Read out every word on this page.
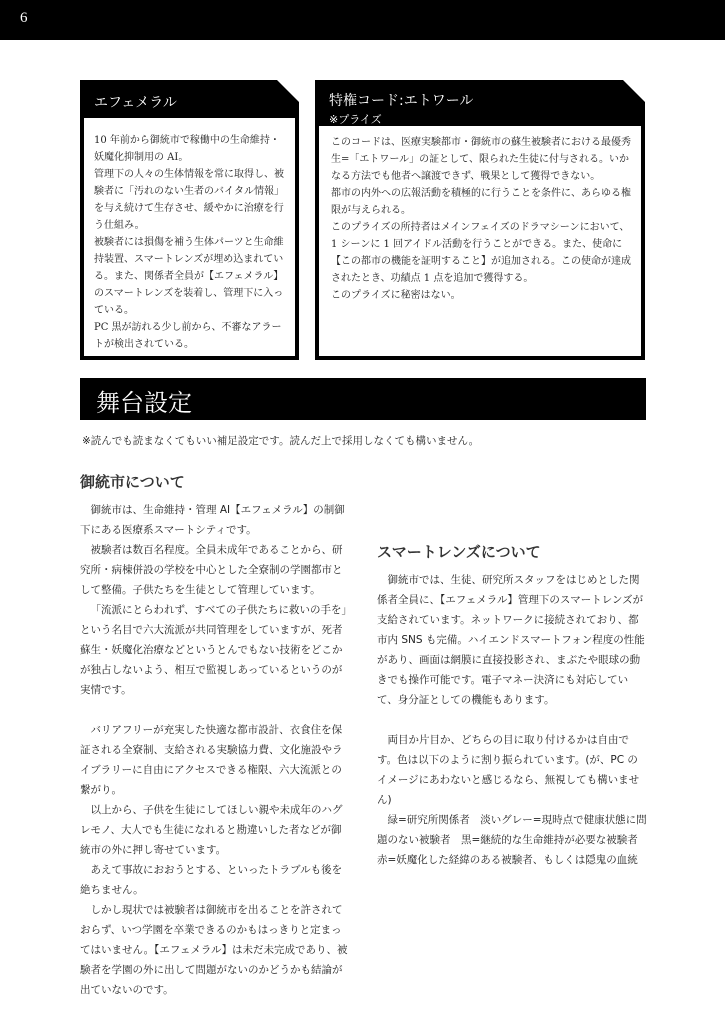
6
エフェメラル

10 年前から御統市で稼働中の生命維持・妖魔化抑制用の AI。

管理下の人々の生体情報を常に取得し、被験者に「汚れのない生者のバイタル情報」を与え続けて生存させ、緩やかに治療を行う仕組み。

被験者には損傷を補う生体パーツと生命維持装置、スマートレンズが埋め込まれている。また、関係者全員が【エフェメラル】のスマートレンズを装着し、管理下に入っている。

PC 黒が訪れる少し前から、不審なアラートが検出されている。

特権コード:エトワール
※プライズ

このコードは、医療実験都市・御統市の蘇生被験者における最優秀生=「エトワール」の証として、限られた生徒に付与される。いかなる方法でも他者へ譲渡できず、戦果として獲得できない。

都市の内外への広報活動を積極的に行うことを条件に、あらゆる権限が与えられる。

このプライズの所持者はメインフェイズのドラマシーンにおいて、1 シーンに 1 回アイドル活動を行うことができる。また、使命に【この都市の機能を証明すること】が追加される。この使命が達成されたとき、功績点 1 点を追加で獲得する。

このプライズに秘密はない。

舞台設定
※読んでも読まなくてもいい補足設定です。読んだ上で採用しなくても構いません。
御統市について

御統市は、生命維持・管理 AI【エフェメラル】の制御下にある医療系スマートシティです。

被験者は数百名程度。全員未成年であることから、研究所・病棟併設の学校を中心とした全寮制の学園都市として整備。子供たちを生徒として管理しています。

「流派にとらわれず、すべての子供たちに救いの手を」という名目で六大流派が共同管理をしていますが、死者蘇生・妖魔化治療などというとんでもない技術をどこかが独占しないよう、相互で監視しあっているというのが実情です。

バリアフリーが充実した快適な都市設計、衣食住を保証される全寮制、支給される実験協力費、文化施設やライブラリーに自由にアクセスできる権限、六大流派との繋がり。

以上から、子供を生徒にしてほしい親や未成年のハグレモノ、大人でも生徒になれると勘違いした者などが御統市の外に押し寄せています。

あえて事故におおうとする、といったトラブルも後を絶ちません。

しかし現状では被験者は御統市を出ることを許されておらず、いつ学園を卒業できるのかもはっきりと定まってはいません。【エフェメラル】は未だ未完成であり、被験者を学園の外に出して問題がないのかどうかも結論が出ていないのです。

スマートレンズについて

御統市では、生徒、研究所スタッフをはじめとした関係者全員に、【エフェメラル】管理下のスマートレンズが支給されています。ネットワークに接続されており、都市内 SNS も完備。ハイエンドスマートフォン程度の性能があり、画面は網膜に直接投影され、まぶたや眼球の動きでも操作可能です。電子マネー決済にも対応していて、身分証としての機能もあります。

両目か片目か、どちらの目に取り付けるかは自由です。色は以下のように割り振られています。(が、PC のイメージにあわないと感じるなら、無視しても構いません)

緑=研究所関係者　淡いグレー=現時点で健康状態に問題のない被験者　黒=継続的な生命維持が必要な被験者　赤=妖魔化した経緯のある被験者、もしくは隠鬼の血統
